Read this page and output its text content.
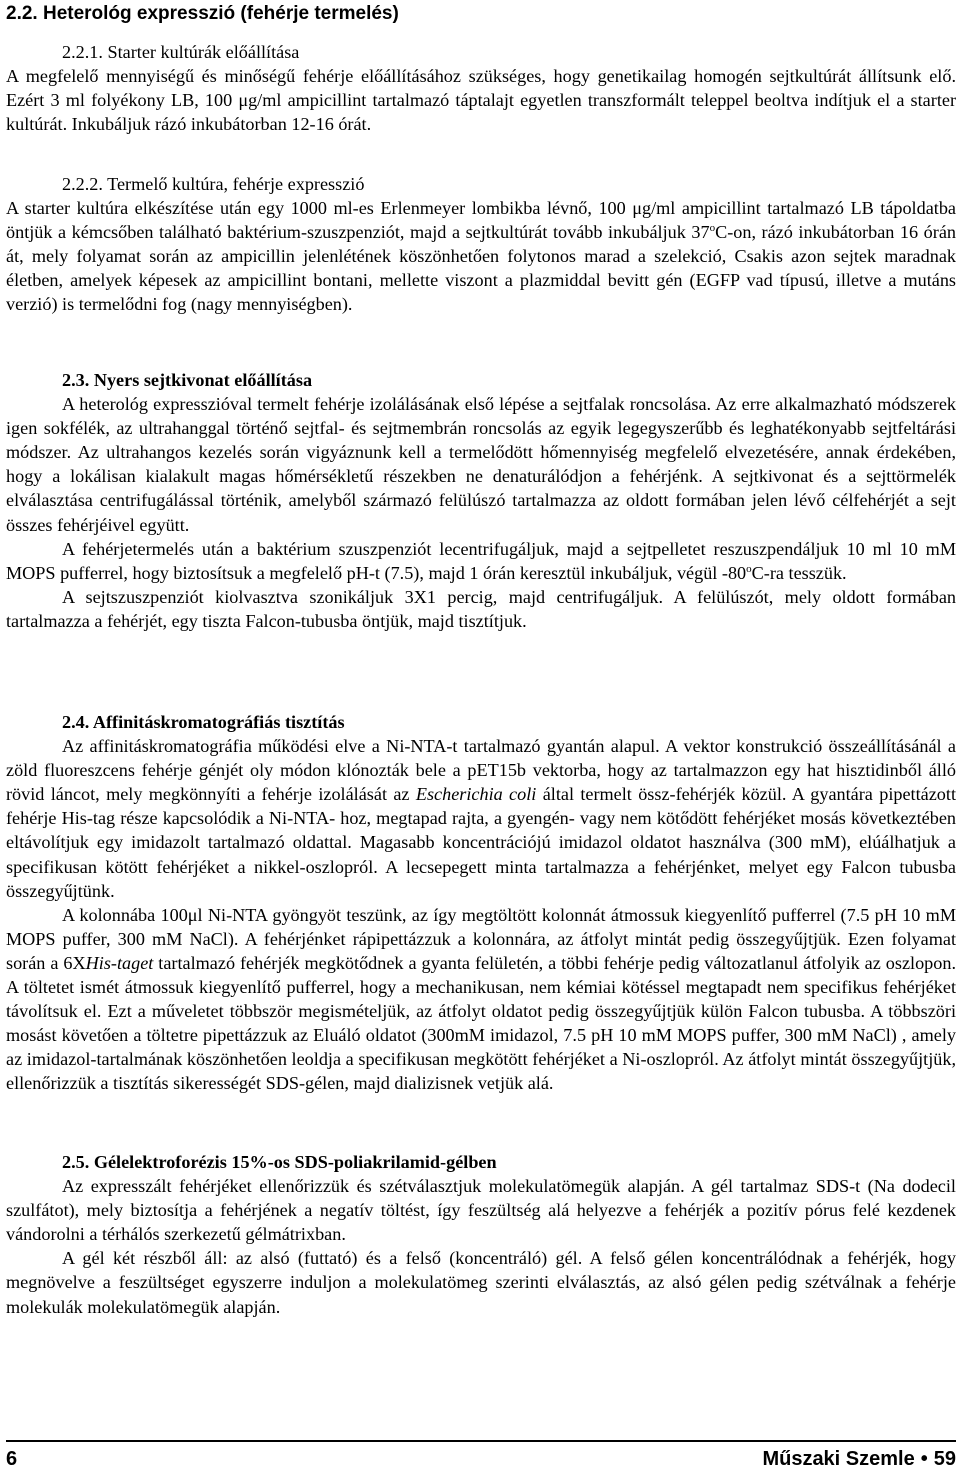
2.2. Heterológ expresszió (fehérje termelés)

2.2.1. Starter kultúrák előállítása

A megfelelő mennyiségű és minőségű fehérje előállításához szükséges, hogy genetikailag homogén sejtkultúrát állítsunk elő. Ezért 3 ml folyékony LB, 100 μg/ml ampicillint tartalmazó táptalajt egyetlen transzformált teleppel beoltva indítjuk el a starter kultúrát. Inkubáljuk rázó inkubátorban 12-16 órát.

2.2.2. Termelő kultúra, fehérje expresszió

A starter kultúra elkészítése után egy 1000 ml-es Erlenmeyer lombikba lévnő, 100 μg/ml ampicillint tartalmazó LB tápoldatba öntjük a kémcsőben található baktérium-szuszpenziót, majd a sejtkultúrát tovább inkubáljuk 37$^o$C-on, rázó inkubátorban 16 órán át, mely folyamat során az ampicillin jelenlétének köszönhetően folytonos marad a szelekció, Csakis azon sejtek maradnak életben, amelyek képesek az ampicillint bontani, mellette viszont a plazmiddal bevitt gén (EGFP vad típusú, illetve a mutáns verzió) is termelődni fog (nagy mennyiségben).

2.3. Nyers sejtkivonat előállítása

A heterológ expresszióval termelt fehérje izolálásának első lépése a sejtfalak roncsolása. Az erre alkalmazható módszerek igen sokfélék, az ultrahanggal történő sejtfal- és sejtmembrán roncsolás az egyik legegyszerűbb és leghatékonyabb sejtfeltárási módszer. Az ultrahangos kezelés során vigyáznunk kell a termelődött hőmennyiség megfelelő elvezetésére, annak érdekében, hogy a lokálisan kialakult magas hőmérsékletű részekben ne denaturálódjon a fehérjénk. A sejtkivonat és a sejttörmelék elválasztása centrifugálással történik, amelyből származó felülúszó tartalmazza az oldott formában jelen lévő célfehérjét a sejt összes fehérjéivel együtt.

A fehérjetermelés után a baktérium szuszpenziót lecentrifugáljuk, majd a sejtpelletet reszuszpendáljuk 10 ml 10 mM MOPS pufferrel, hogy biztosítsuk a megfelelő pH-t (7.5), majd 1 órán keresztül inkubáljuk, végül -80$^o$C-ra tesszük.

A sejtszuszpenziót kiolvasztva szonikáljuk 3X1 percig, majd centrifugáljuk. A felülúszót, mely oldott formában tartalmazza a fehérjét, egy tiszta Falcon-tubusba öntjük, majd tisztítjuk.

2.4. Affinitáskromatográfiás tisztítás

Az affinitáskromatográfia működési elve a Ni-NTA-t tartalmazó gyantán alapul. A vektor konstrukció összeállításánál a zöld fluoreszcens fehérje génjét oly módon klónozták bele a pET15b vektorba, hogy az tartalmazzon egy hat hisztidinből álló rövid láncot, mely megkönnyíti a fehérje izolálását az Escherichia coli által termelt össz-fehérjék közül. A gyantára pipettázott fehérje His-tag része kapcsolódik a Ni-NTA- hoz, megtapad rajta, a gyengén- vagy nem kötődött fehérjéket mosás következtében eltávolítjuk egy imidazolt tartalmazó oldattal. Magasabb koncentrációjú imidazol oldatot használva (300 mM), elúálhatjuk a specifikusan kötött fehérjéket a nikkel-oszlopról. A lecsepegett minta tartalmazza a fehérjénket, melyet egy Falcon tubusba összegyűjtünk.

A kolonnába 100μl Ni-NTA gyöngyöt teszünk, az így megtöltött kolonnát átmossuk kiegyenlítő pufferrel (7.5 pH 10 mM MOPS puffer, 300 mM NaCl). A fehérjénket rápipettázzuk a kolonnára, az átfolyt mintát pedig összegyűjtjük. Ezen folyamat során a 6XHis-taget tartalmazó fehérjék megkötődnek a gyanta felületén, a többi fehérje pedig változatlanul átfolyik az oszlopon. A töltetet ismét átmossuk kiegyenlítő pufferrel, hogy a mechanikusan, nem kémiai kötéssel megtapadt nem specifikus fehérjéket távolítsuk el. Ezt a műveletet többször megismételjük, az átfolyt oldatot pedig összegyűjtjük külön Falcon tubusba. A többszöri mosást követően a töltetre pipettázzuk az Eluáló oldatot (300mM imidazol, 7.5 pH 10 mM MOPS puffer, 300 mM NaCl) , amely az imidazol-tartalmának köszönhetően leoldja a specifikusan megkötött fehérjéket a Ni-oszlopról. Az átfolyt mintát összegyűjtjük, ellenőrizzük a tisztítás sikerességét SDS-gélen, majd dializisnek vetjük alá.

2.5. Gélelektroforézis 15%-os SDS-poliakrilamid-gélben

Az expresszált fehérjéket ellenőrizzük és szétválasztjuk molekulatömegük alapján. A gél tartalmaz SDS-t (Na dodecil szulfátot), mely biztosítja a fehérjének a negatív töltést, így feszültség alá helyezve a fehérjék a pozitív pórus felé kezdenek vándorolni a térhálós szerkezetű gélmátrixban.

A gél két részből áll: az alsó (futtató) és a felső (koncentráló) gél. A felső gélen koncentrálódnak a fehérjék, hogy megnövelve a feszültséget egyszerre induljon a molekulatömeg szerinti elválasztás, az alsó gélen pedig szétválnak a fehérje molekulák molekulatömegük alapján.

6	Műszaki Szemle • 59
